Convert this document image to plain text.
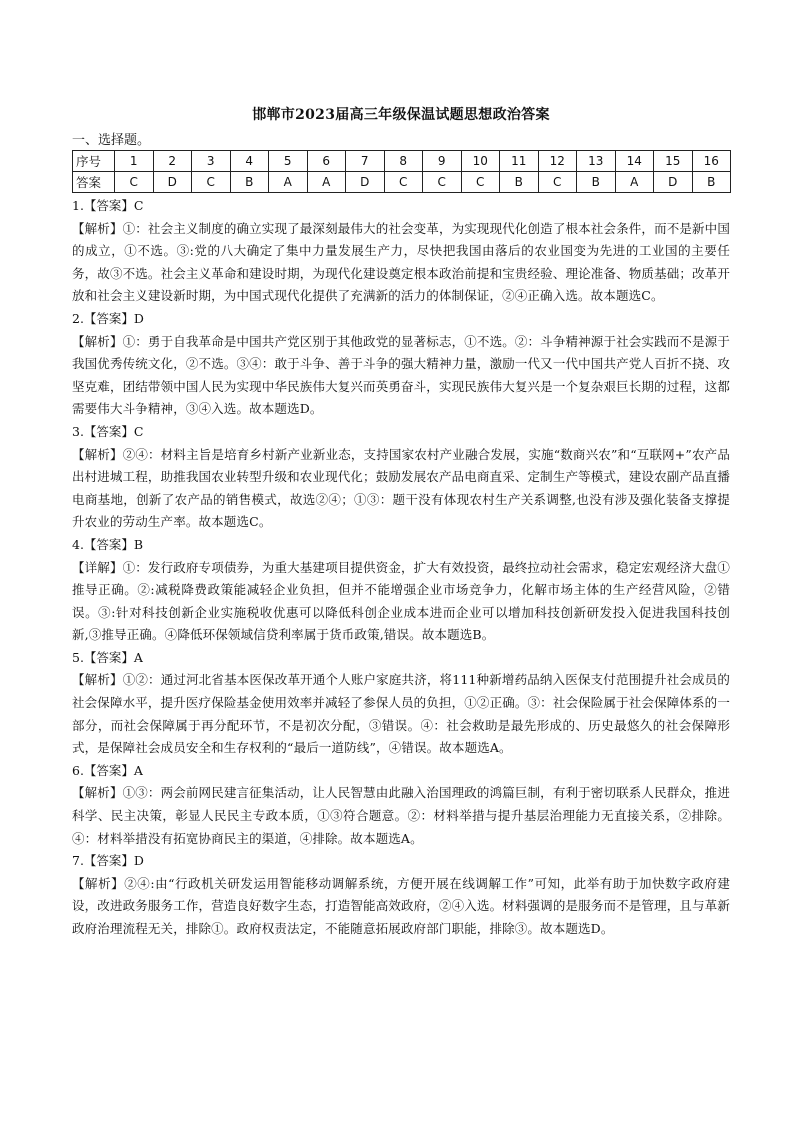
邯郸市2023届高三年级保温试题思想政治答案

一、选择题。

序号	1	2	3	4	5	6	7	8	9	10	11	12	13	14	15	16
答案	C	D	C	B	A	A	D	C	C	C	B	C	B	A	D	B

1.【答案】C

【解析】①：社会主义制度的确立实现了最深刻最伟大的社会变革，为实现现代化创造了根本社会条件，而不是新中国的成立，①不选。③:党的八大确定了集中力量发展生产力，尽快把我国由落后的农业国变为先进的工业国的主要任务，故③不选。社会主义革命和建设时期，为现代化建设奠定根本政治前提和宝贵经验、理论准备、物质基础；改革开放和社会主义建设新时期，为中国式现代化提供了充满新的活力的体制保证，②④正确入选。故本题选C。

2.【答案】D

【解析】①：勇于自我革命是中国共产党区别于其他政党的显著标志，①不选。②：斗争精神源于社会实践而不是源于我国优秀传统文化，②不选。③④：敢于斗争、善于斗争的强大精神力量，激励一代又一代中国共产党人百折不挠、攻坚克难，团结带领中国人民为实现中华民族伟大复兴而英勇奋斗，实现民族伟大复兴是一个复杂艰巨长期的过程，这都需要伟大斗争精神，③④入选。故本题选D。

3.【答案】C

【解析】②④：材料主旨是培育乡村新产业新业态，支持国家农村产业融合发展，实施“数商兴农”和“互联网+”农产品出村进城工程，助推我国农业转型升级和农业现代化；鼓励发展农产品电商直采、定制生产等模式，建设农副产品直播电商基地，创新了农产品的销售模式，故选②④；①③：题干没有体现农村生产关系调整,也没有涉及强化装备支撑提升农业的劳动生产率。故本题选C。

4.【答案】B

【详解】①：发行政府专项债券，为重大基建项目提供资金，扩大有效投资，最终拉动社会需求，稳定宏观经济大盘①推导正确。②:减税降费政策能减轻企业负担，但并不能增强企业市场竞争力，化解市场主体的生产经营风险，②错误。③:针对科技创新企业实施税收优惠可以降低科创企业成本进而企业可以增加科技创新研发投入促进我国科技创新,③推导正确。④降低环保领域信贷利率属于货币政策,错误。故本题选B。

5.【答案】A

【解析】①②：通过河北省基本医保改革开通个人账户家庭共济，将111种新增药品纳入医保支付范围提升社会成员的社会保障水平，提升医疗保险基金使用效率并减轻了参保人员的负担，①②正确。③：社会保险属于社会保障体系的一部分，而社会保障属于再分配环节，不是初次分配，③错误。④：社会救助是最先形成的、历史最悠久的社会保障形式，是保障社会成员安全和生存权利的“最后一道防线”，④错误。故本题选A。

6.【答案】A

【解析】①③：两会前网民建言征集活动，让人民智慧由此融入治国理政的鸿篇巨制，有利于密切联系人民群众，推进科学、民主决策，彰显人民民主专政本质，①③符合题意。②：材料举措与提升基层治理能力无直接关系，②排除。④：材料举措没有拓宽协商民主的渠道，④排除。故本题选A。

7.【答案】D

【解析】②④:由“行政机关研发运用智能移动调解系统，方便开展在线调解工作”可知，此举有助于加快数字政府建设，改进政务服务工作，营造良好数字生态，打造智能高效政府，②④入选。材料强调的是服务而不是管理，且与革新政府治理流程无关，排除①。政府权责法定，不能随意拓展政府部门职能，排除③。故本题选D。
